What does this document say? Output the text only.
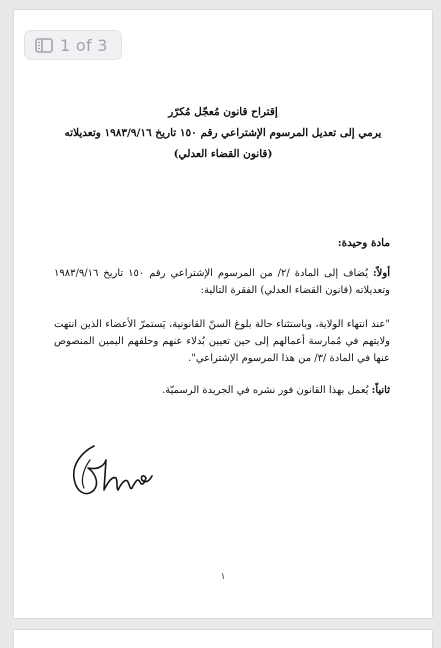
1 of 3
إقتراح قانون مُعجّل مُكرّر
يرمي إلى تعديل المرسوم الإشتراعي رقم ١٥٠ تاريخ ١٩٨٣/٩/١٦ وتعديلاته
(قانون القضاء العدلي)
مادة وحيدة:
أولاً: يُضاف إلى المادة /٢/ من المرسوم الإشتراعي رقم ١٥٠ تاريخ ١٩٨٣/٩/١٦ وتعديلاته (قانون القضاء العدلي) الفقرة التالية:
"عند انتهاء الولاية، وباستثناء حالة بلوغ السنّ القانونية، يَستمرّ الأعضاء الذين انتهت ولايتهم في مُمارسة أعمالهم إلى حين تعيين بُدلاء عنهم وحلفهم اليمين المنصوص عنها في المادة /٣/ من هذا المرسوم الإشتراعي".
ثانياً: يُعمل بهذا القانون فور نشره في الجريدة الرسميّة.
١
